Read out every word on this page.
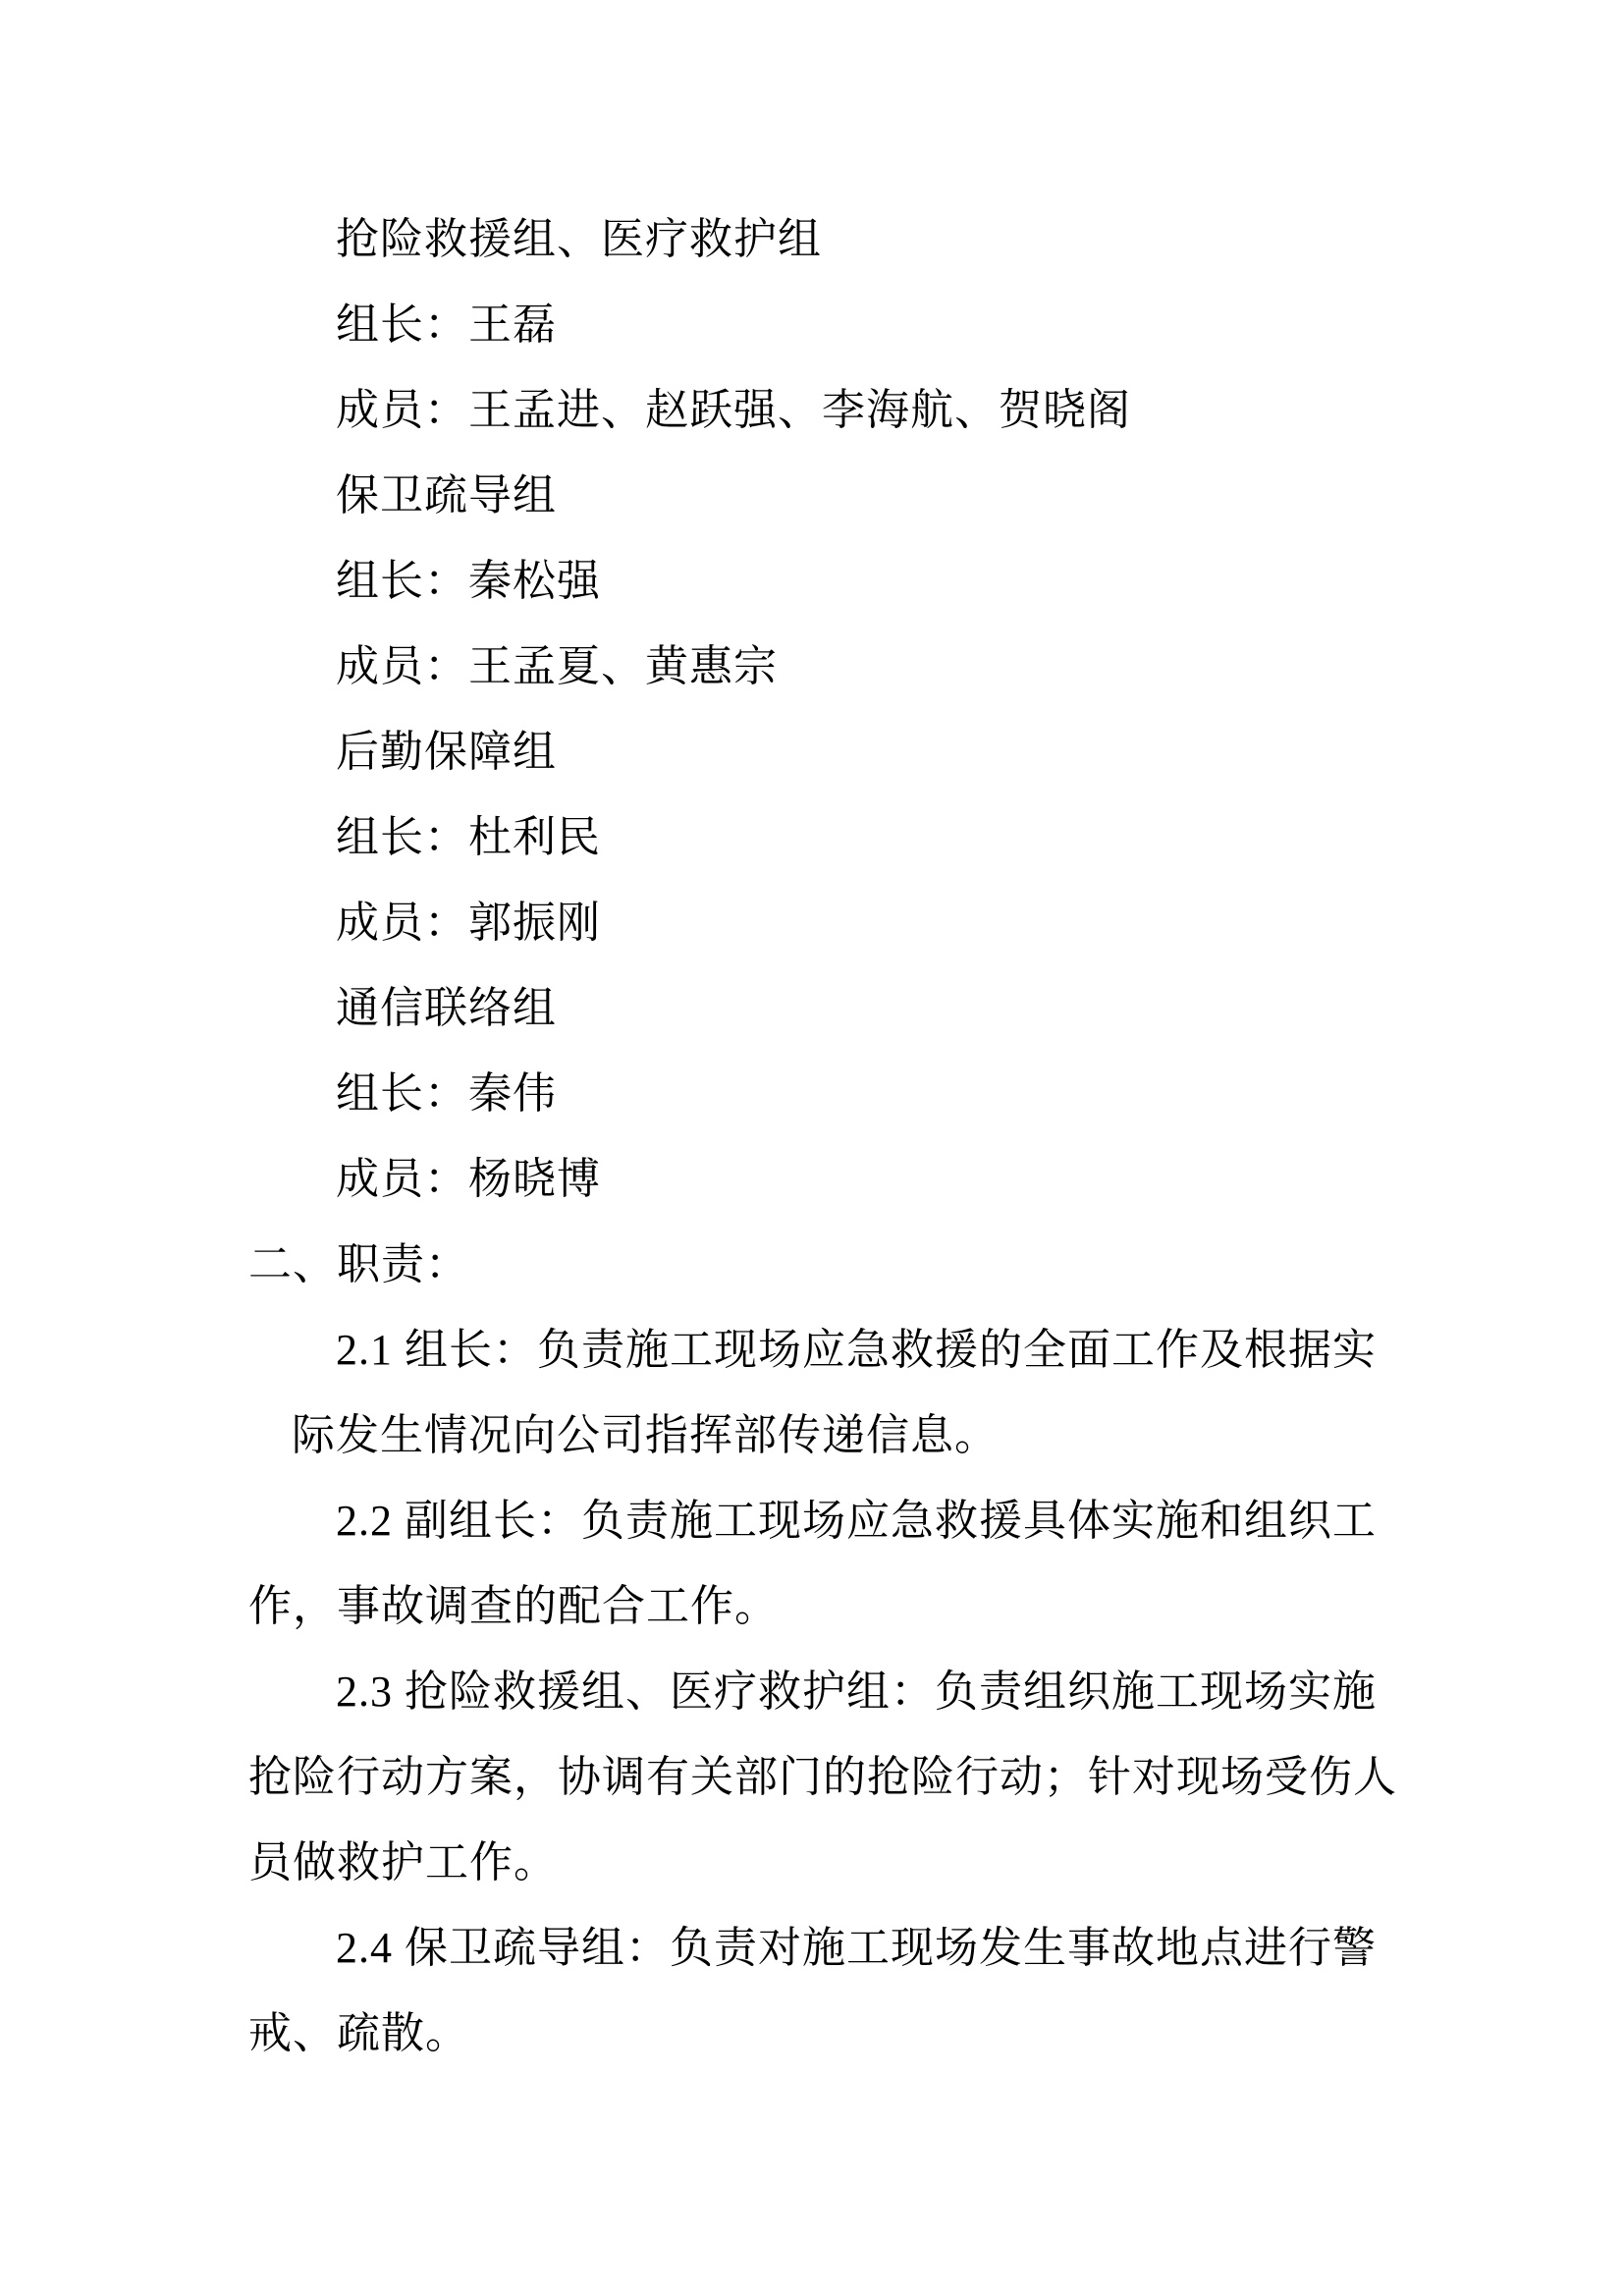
抢险救援组、医疗救护组
组长：王磊
成员：王孟进、赵跃强、李海航、贺晓阁
保卫疏导组
组长：秦松强
成员：王孟夏、黄惠宗
后勤保障组
组长：杜利民
成员：郭振刚
通信联络组
组长：秦伟
成员：杨晓博
二、职责：
2.1 组长：负责施工现场应急救援的全面工作及根据实
际发生情况向公司指挥部传递信息。
2.2 副组长：负责施工现场应急救援具体实施和组织工
作，事故调查的配合工作。
2.3 抢险救援组、医疗救护组：负责组织施工现场实施
抢险行动方案，协调有关部门的抢险行动；针对现场受伤人
员做救护工作。
2.4 保卫疏导组：负责对施工现场发生事故地点进行警
戒、疏散。
